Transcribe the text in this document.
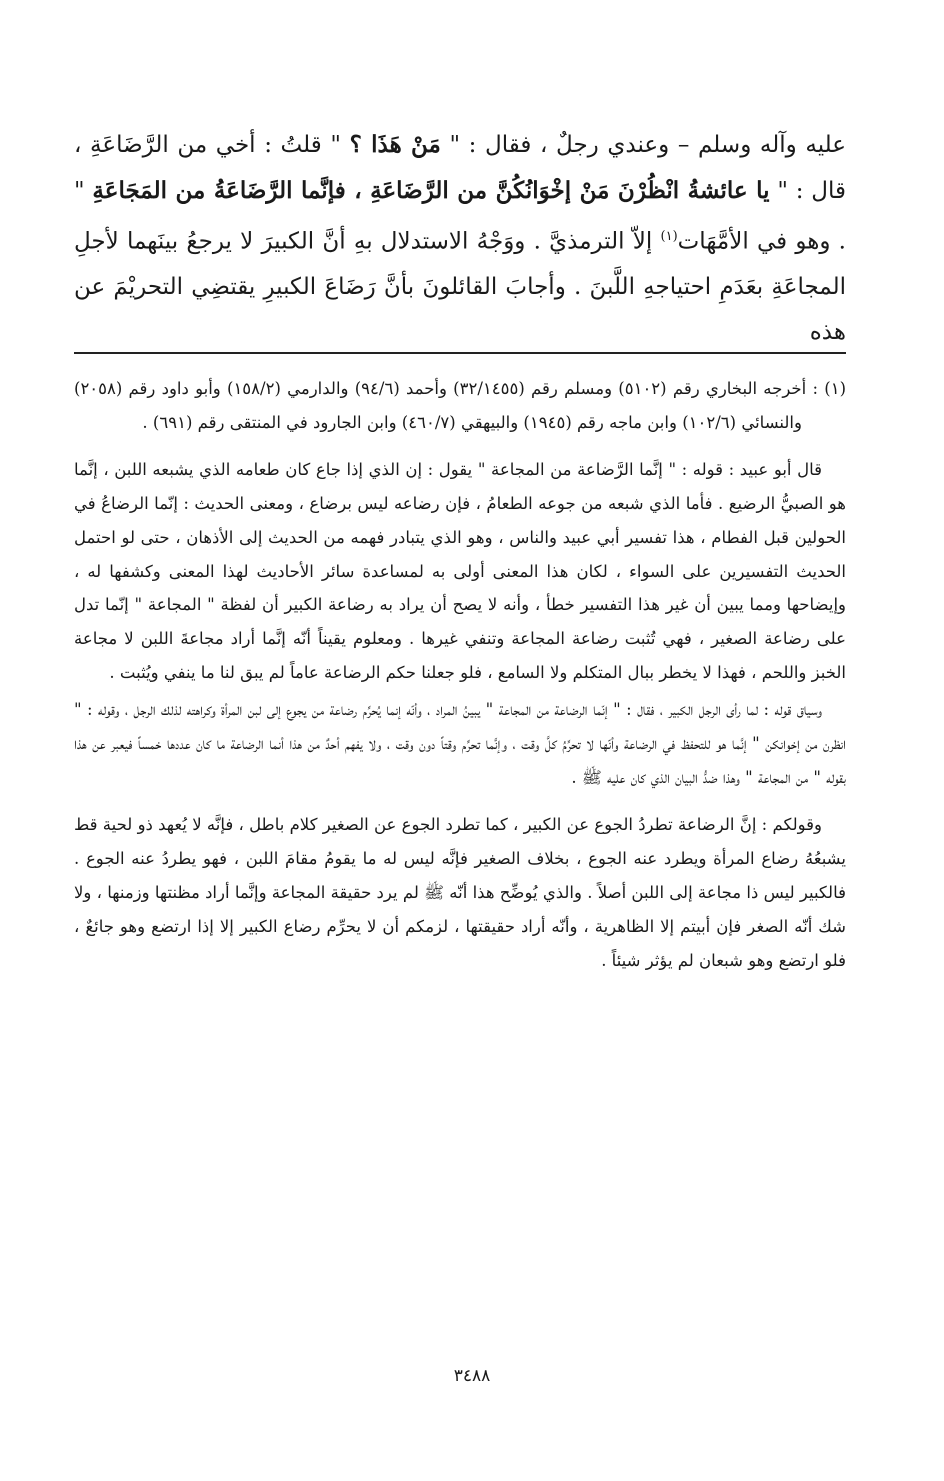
عليه وآله وسلم – وعندي رجلٌ ، فقال : " مَنْ هَذَا ؟ " قلتُ : أخي من الرَّضَاعَةِ ، قال : " يا عائشةُ انْظُرْنَ مَنْ إخْوَانُكُنَّ من الرَّضَاعَةِ ، فإنَّما الرَّضَاعَةُ من المَجَاعَةِ " . وهو في الأمَّهَات$^{(١)}$ إلاّ الترمذيَّ . ووَجْهُ الاستدلال بهِ أنَّ الكبيرَ لا يرجعُ بينَهما لأجلِ المجاعَةِ بعَدَمِ احتياجهِ اللَّبنَ . وأجابَ القائلونَ بأنَّ رَضَاعَ الكبيرِ يقتضِي التحريْمَ عن هذه

(١) : أخرجه البخاري رقم (٥١٠٢) ومسلم رقم (٣٢/١٤٥٥) وأحمد (٩٤/٦) والدارمي (١٥٨/٢) وأبو داود رقم (٢٠٥٨) والنسائي (١٠٢/٦) وابن ماجه رقم (١٩٤٥) والبيهقي (٤٦٠/٧) وابن الجارود في المنتقى رقم (٦٩١) .

قال أبو عبيد : قوله : " إنَّما الرَّضاعة من المجاعة " يقول : إن الذي إذا جاع كان طعامه الذي يشبعه اللبن ، إنَّما هو الصبيُّ الرضيع . فأما الذي شبعه من جوعه الطعامُ ، فإن رضاعه ليس برضاع ، ومعنى الحديث : إنّما الرضاعُ في الحولين قبل الفطام ، هذا تفسير أبي عبيد والناس ، وهو الذي يتبادر فهمه من الحديث إلى الأذهان ، حتى لو احتمل الحديث التفسيرين على السواء ، لكان هذا المعنى أولى به لمساعدة سائر الأحاديث لهذا المعنى وكشفها له ، وإيضاحها ومما يبين أن غير هذا التفسير خطأ ، وأنه لا يصح أن يراد به رضاعة الكبير أن لفظة " المجاعة " إنّما تدل على رضاعة الصغير ، فهي تُثبت رضاعة المجاعة وتنفي غيرها . ومعلوم يقيناً أنّه إنَّما أراد مجاعةَ اللبن لا مجاعة الخبز واللحم ، فهذا لا يخطر ببال المتكلم ولا السامع ، فلو جعلنا حكم الرضاعة عاماً لم يبق لنا ما ينفي ويُثبت .

وسياق قوله : لما رأى الرجل الكبير ، فقال : " إنّما الرضاعة من المجاعة " يبينُ المراد ، وأنّه إنما يُحرِّم رضاعة من يجوع إلى لبن المرأة وكراهته لذلك الرجل ، وقوله : " انظرن من إخوانكن " إنَّما هو للتحفظ في الرضاعة وأنّها لا تحرِّمُ كلَّ وقت ، وإنَّما تحرِّم وقتاً دون وقت ، ولا يفهم أحدٌ من هذا أنما الرضاعة ما كان عددها خمساً فيعبر عن هذا بقوله " من المجاعة " وهذا ضدُّ البيان الذي كان عليه ﷺ .

وقولكم : إنَّ الرضاعة تطردُ الجوع عن الكبير ، كما تطرد الجوع عن الصغير كلام باطل ، فإنَّه لا يُعهد ذو لحية قط يشبعُهُ رضاع المرأة ويطرد عنه الجوع ، بخلاف الصغير فإنَّه ليس له ما يقومُ مقامَ اللبن ، فهو يطردُ عنه الجوع . فالكبير ليس ذا مجاعة إلى اللبن أصلاً . والذي يُوضِّح هذا أنّه ﷺ لم يرد حقيقة المجاعة وإنَّما أراد مظنتها وزمنها ، ولا شك أنّه الصغر فإن أبيتم إلا الظاهرية ، وأنّه أراد حقيقتها ، لزمكم أن لا يحرِّم رضاع الكبير إلا إذا ارتضع وهو جائعٌ ، فلو ارتضع وهو شبعان لم يؤثر شيئاً .

٣٤٨٨
